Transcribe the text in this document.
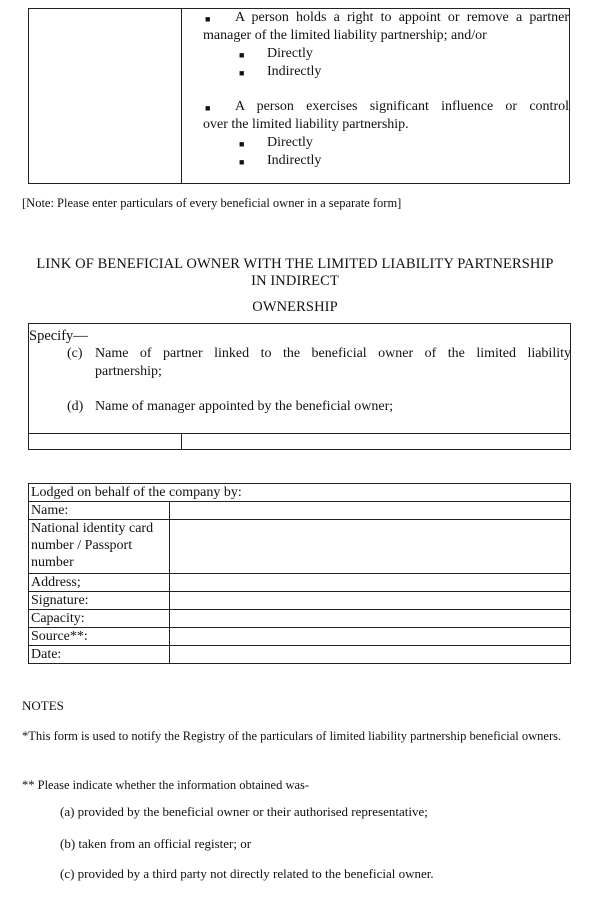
■ A person holds a right to appoint or remove a partner
manager of the limited liability partnership; and/or
■ Directly
■ Indirectly
■ A person exercises significant influence or control
over the limited liability partnership.
■ Directly
■ Indirectly
[Note: Please enter particulars of every beneficial owner in a separate form]
LINK OF BENEFICIAL OWNER WITH THE LIMITED LIABILITY PARTNERSHIP
IN INDIRECT
OWNERSHIP
Specify—
(c) Name of partner linked to the beneficial owner of the limited liability
partnership;
(d) Name of manager appointed by the beneficial owner;
Lodged on behalf of the company by:	
Name:	
National identity card number / Passport number	
Address;	
Signature:	
Capacity:	
Source**:	
Date:	
NOTES
*This form is used to notify the Registry of the particulars of limited liability partnership beneficial owners.
** Please indicate whether the information obtained was-
(a) provided by the beneficial owner or their authorised representative;
(b) taken from an official register; or
(c) provided by a third party not directly related to the beneficial owner.
